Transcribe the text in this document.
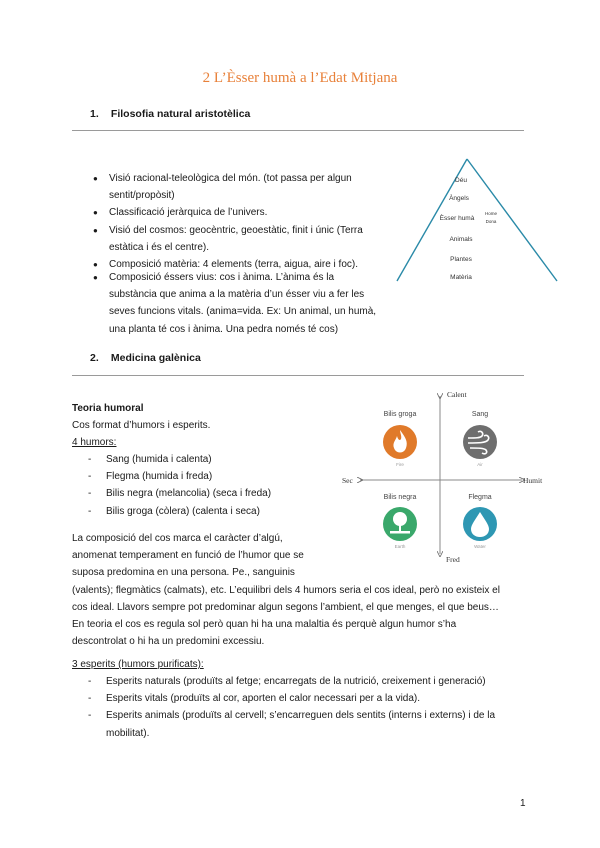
2 L’Èsser humà a l’Edat Mitjana
1. Filosofia natural aristotèlica
● Visió racional-teleològica del món. (tot passa per algun sentit/propòsit)
● Classificació jeràrquica de l’univers.
● Visió del cosmos: geocèntric, geoestàtic, finit i únic (Terra estàtica i és el centre).
● Composició matèria: 4 elements (terra, aigua, aire i foc).
● Composició éssers vius: cos i ànima. L’ànima és la substància que anima a la matèria d’un ésser viu a fer les seves funcions vitals. (anima=vida. Ex: Un animal, un humà, una planta té cos i ànima. Una pedra només té cos)
Déu
Àngels
Èsser humà
Home
Dona
Animals
Plantes
Matèria
2. Medicina galènica
Teoria humoral
Cos format d’humors i esperits.
4 humors:
- Sang (humida i calenta)
- Flegma (humida i freda)
- Bilis negra (melancolia) (seca i freda)
- Bilis groga (còlera) (calenta i seca)
La composició del cos marca el caràcter d’algú,
anomenat temperament en funció de l’humor que se
suposa predomina en una persona. Pe., sanguinis
(valents); flegmàtics (calmats), etc. L’equilibri dels 4 humors seria el cos ideal, però no existeix el
cos ideal. Llavors sempre pot predominar algun segons l’ambient, el que menges, el que beus…
En teoria el cos es regula sol però quan hi ha una malaltia és perquè algun humor s’ha
descontrolat o hi ha un predomini excessiu.
Calent
Fred
Sec	Humit
Bilis groga
Fire
Sang
Air
Bilis negra
Earth
Flegma
Water
3 esperits (humors purificats):
- Esperits naturals (produïts al fetge; encarregats de la nutrició, creixement i generació)
- Esperits vitals (produïts al cor, aporten el calor necessari per a la vida).
- Esperits animals (produïts al cervell; s’encarreguen dels sentits (interns i externs) i de la mobilitat).
1
